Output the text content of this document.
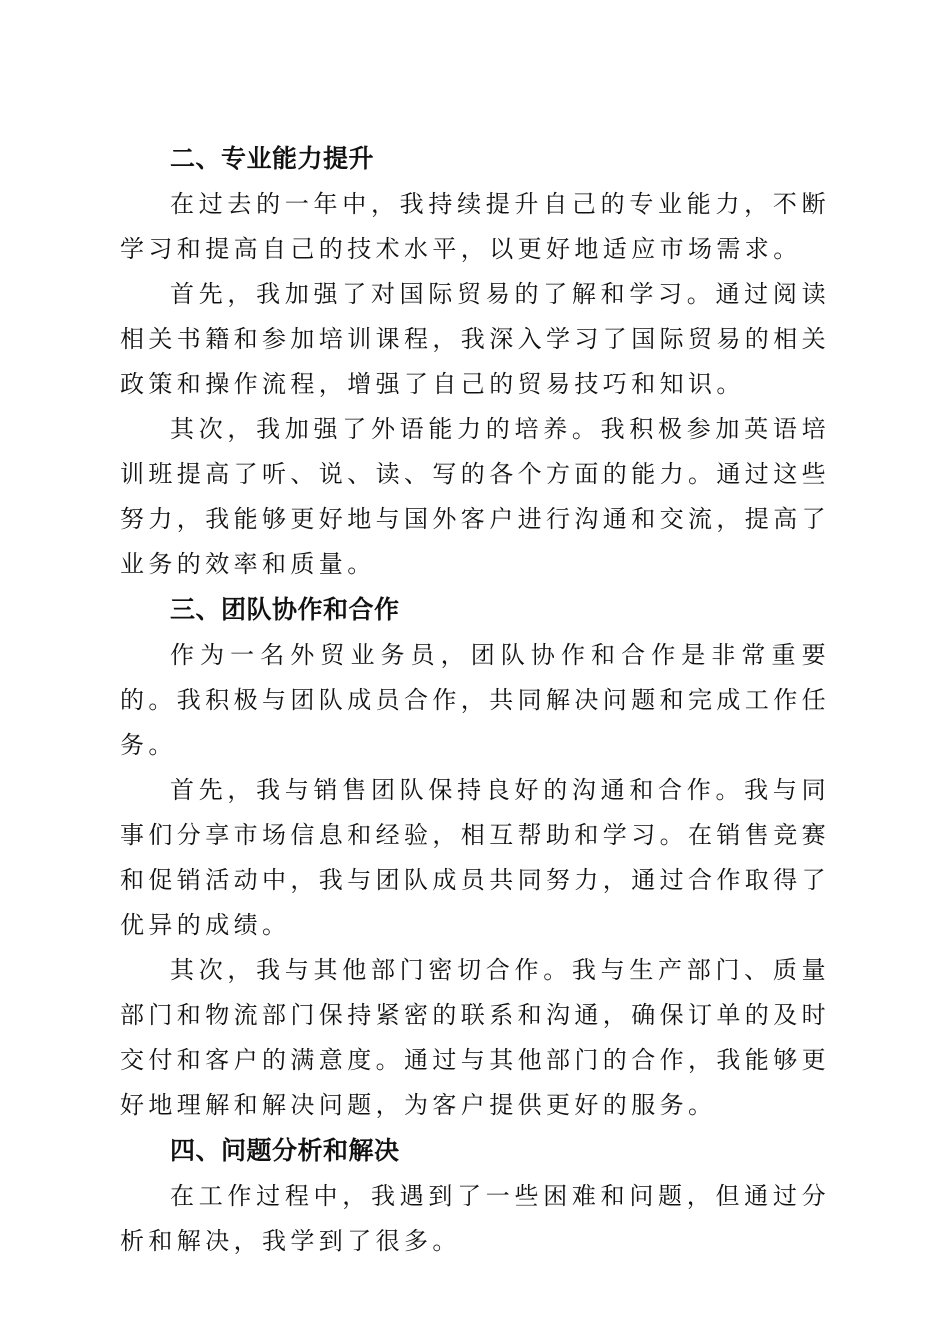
二、专业能力提升

在过去的一年中，我持续提升自己的专业能力，不断学习和提高自己的技术水平，以更好地适应市场需求。

首先，我加强了对国际贸易的了解和学习。通过阅读相关书籍和参加培训课程，我深入学习了国际贸易的相关政策和操作流程，增强了自己的贸易技巧和知识。

其次，我加强了外语能力的培养。我积极参加英语培训班提高了听、说、读、写的各个方面的能力。通过这些努力，我能够更好地与国外客户进行沟通和交流，提高了业务的效率和质量。

三、团队协作和合作

作为一名外贸业务员，团队协作和合作是非常重要的。我积极与团队成员合作，共同解决问题和完成工作任务。

首先，我与销售团队保持良好的沟通和合作。我与同事们分享市场信息和经验，相互帮助和学习。在销售竞赛和促销活动中，我与团队成员共同努力，通过合作取得了优异的成绩。

其次，我与其他部门密切合作。我与生产部门、质量部门和物流部门保持紧密的联系和沟通，确保订单的及时交付和客户的满意度。通过与其他部门的合作，我能够更好地理解和解决问题，为客户提供更好的服务。

四、问题分析和解决

在工作过程中，我遇到了一些困难和问题，但通过分析和解决，我学到了很多。
